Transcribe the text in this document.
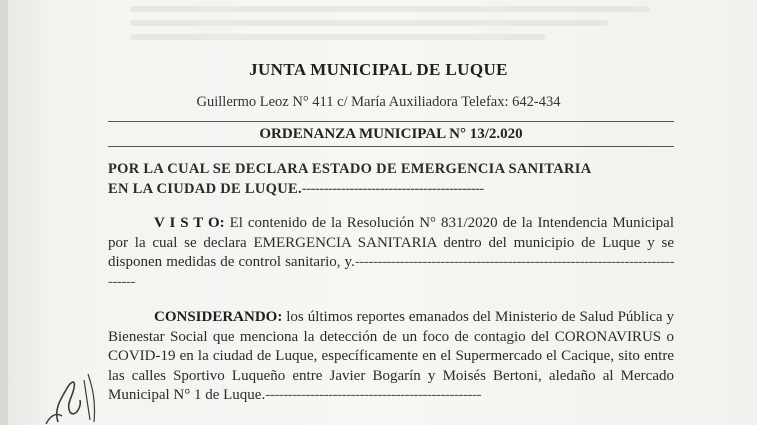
JUNTA MUNICIPAL DE LUQUE
Guillermo Leoz N° 411 c/ María Auxiliadora Telefax: 642-434
ORDENANZA MUNICIPAL N° 13/2.020
POR LA CUAL SE DECLARA ESTADO DE EMERGENCIA SANITARIA
EN LA CIUDAD DE LUQUE.------------------------------------------
V I S T O: El contenido de la Resolución N° 831/2020 de la Intendencia Municipal por la cual se declara EMERGENCIA SANITARIA dentro del municipio de Luque y se disponen medidas de control sanitario, y.-----------------------------------------------------------------------------
CONSIDERANDO: los últimos reportes emanados del Ministerio de Salud Pública y Bienestar Social que menciona la detección de un foco de contagio del CORONAVIRUS o COVID-19 en la ciudad de Luque, específicamente en el Supermercado el Cacique, sito entre las calles Sportivo Luqueño entre Javier Bogarín y Moisés Bertoni, aledaño al Mercado Municipal N° 1 de Luque.------------------------------------------------
